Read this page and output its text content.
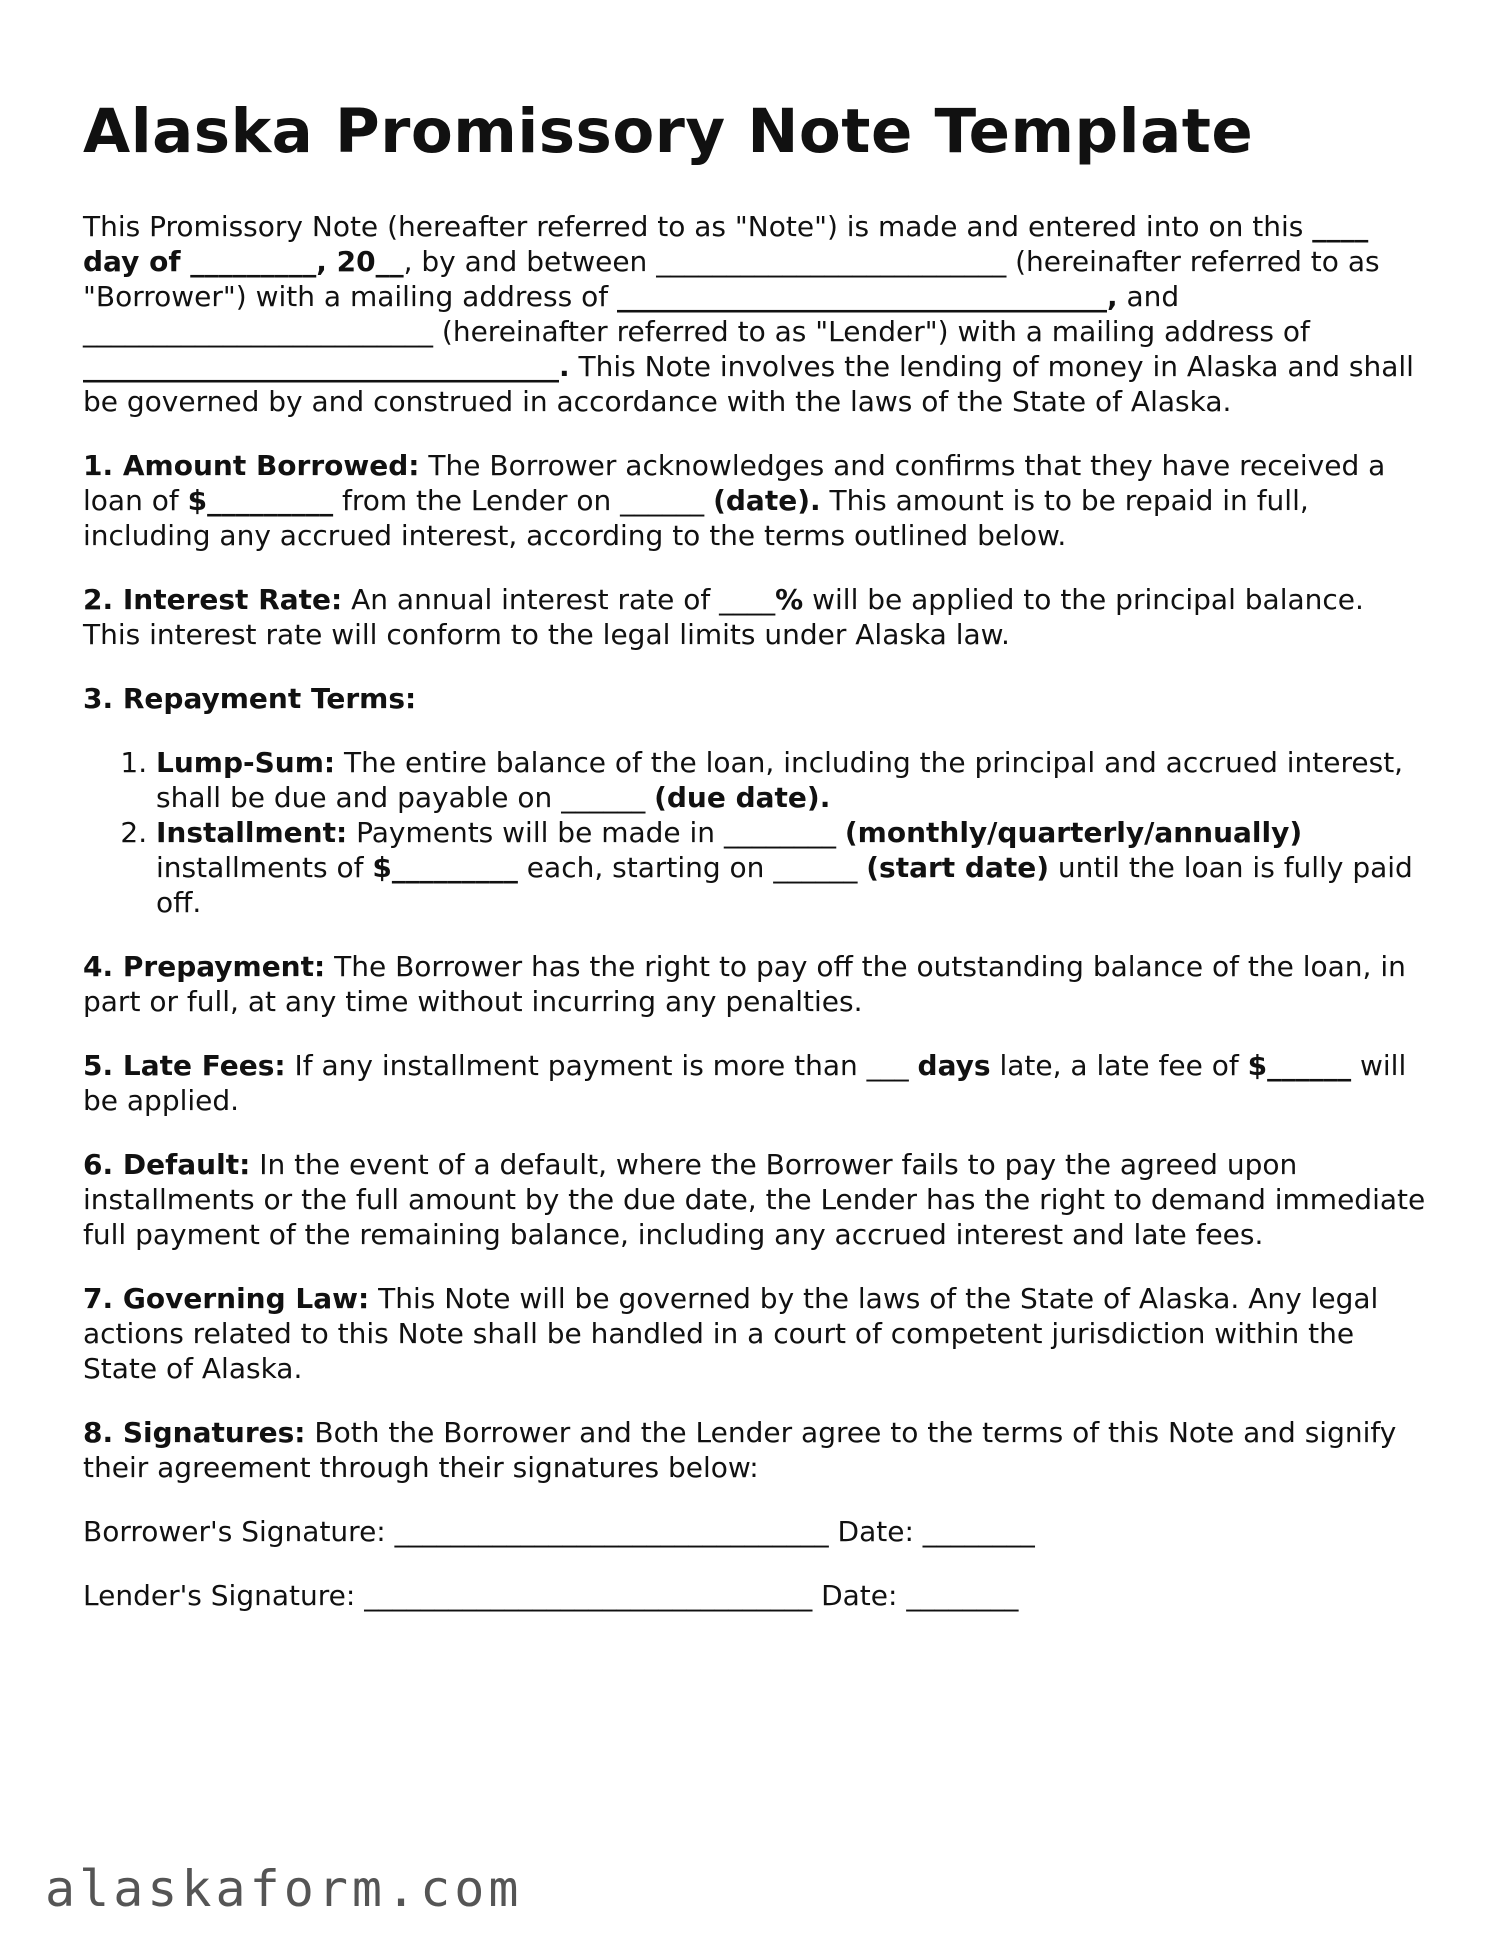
Alaska Promissory Note Template

This Promissory Note (hereafter referred to as "Note") is made and entered into on this ____ day of _________, 20__, by and between _________________________ (hereinafter referred to as "Borrower") with a mailing address of ___________________________________, and _________________________ (hereinafter referred to as "Lender") with a mailing address of __________________________________. This Note involves the lending of money in Alaska and shall be governed by and construed in accordance with the laws of the State of Alaska.

1. Amount Borrowed: The Borrower acknowledges and confirms that they have received a loan of $_________ from the Lender on ______ (date). This amount is to be repaid in full, including any accrued interest, according to the terms outlined below.

2. Interest Rate: An annual interest rate of ____% will be applied to the principal balance. This interest rate will conform to the legal limits under Alaska law.

3. Repayment Terms:

1. Lump-Sum: The entire balance of the loan, including the principal and accrued interest, shall be due and payable on ______ (due date).
2. Installment: Payments will be made in ________ (monthly/quarterly/annually) installments of $_________ each, starting on ______ (start date) until the loan is fully paid off.

4. Prepayment: The Borrower has the right to pay off the outstanding balance of the loan, in part or full, at any time without incurring any penalties.

5. Late Fees: If any installment payment is more than ___ days late, a late fee of $______ will be applied.

6. Default: In the event of a default, where the Borrower fails to pay the agreed upon installments or the full amount by the due date, the Lender has the right to demand immediate full payment of the remaining balance, including any accrued interest and late fees.

7. Governing Law: This Note will be governed by the laws of the State of Alaska. Any legal actions related to this Note shall be handled in a court of competent jurisdiction within the State of Alaska.

8. Signatures: Both the Borrower and the Lender agree to the terms of this Note and signify their agreement through their signatures below:

Borrower's Signature: _______________________________ Date: ________

Lender's Signature: ________________________________ Date: ________

alaskaform.com
